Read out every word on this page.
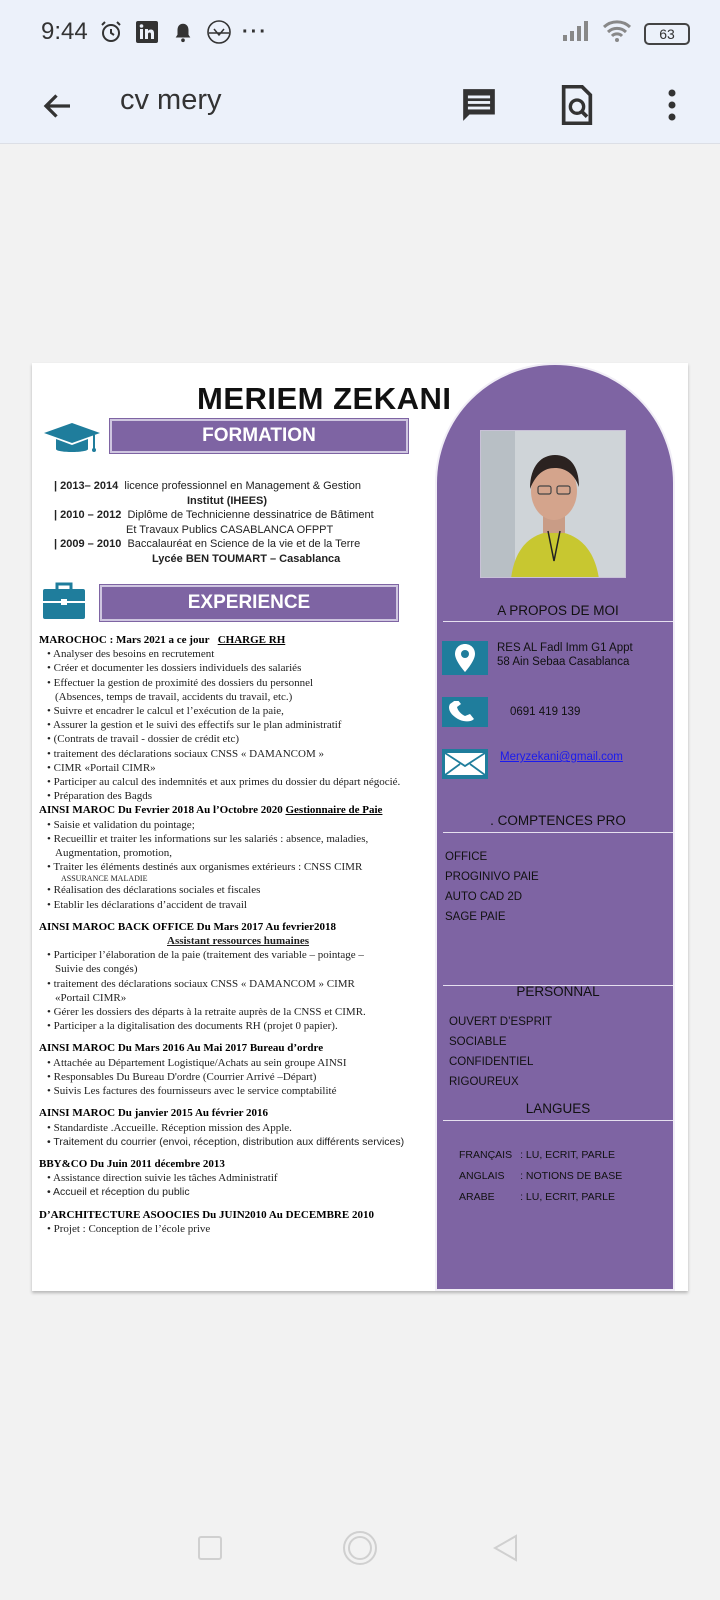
9:44	···	63
cv mery
MERIEM ZEKANI
FORMATION
| 2013– 2014 licence professionnel en Management & Gestion
Institut (IHEES)
| 2010 – 2012 Diplôme de Technicienne dessinatrice de Bâtiment
Et Travaux Publics CASABLANCA OFPPT
| 2009 – 2010 Baccalauréat en Science de la vie et de la Terre
Lycée BEN TOUMART – Casablanca
EXPERIENCE
MAROCHOC : Mars 2021 a ce jour CHARGE RH
• Analyser des besoins en recrutement
• Créer et documenter les dossiers individuels des salariés
• Effectuer la gestion de proximité des dossiers du personnel
(Absences, temps de travail, accidents du travail, etc.)
• Suivre et encadrer le calcul et l’exécution de la paie,
• Assurer la gestion et le suivi des effectifs sur le plan administratif
• (Contrats de travail - dossier de crédit etc)
• traitement des déclarations sociaux CNSS « DAMANCOM »
• CIMR «Portail CIMR»
• Participer au calcul des indemnités et aux primes du dossier du départ négocié.
• Préparation des Bagds
AINSI MAROC Du Fevrier 2018 Au l’Octobre 2020 Gestionnaire de Paie
• Saisie et validation du pointage;
• Recueillir et traiter les informations sur les salariés : absence, maladies,
Augmentation, promotion,
• Traiter les éléments destinés aux organismes extérieurs : CNSS CIMR
ASSURANCE MALADIE
• Réalisation des déclarations sociales et fiscales
• Etablir les déclarations d’accident de travail
AINSI MAROC BACK OFFICE Du Mars 2017 Au fevrier2018
Assistant ressources humaines
• Participer l’élaboration de la paie (traitement des variable – pointage –
Suivie des congés)
• traitement des déclarations sociaux CNSS « DAMANCOM » CIMR
«Portail CIMR»
• Gérer les dossiers des départs à la retraite auprès de la CNSS et CIMR.
• Participer a la digitalisation des documents RH (projet 0 papier).
AINSI MAROC Du Mars 2016 Au Mai 2017 Bureau d’ordre
• Attachée au Département Logistique/Achats au sein groupe AINSI
• Responsables Du Bureau D'ordre (Courrier Arrivé –Départ)
• Suivis Les factures des fournisseurs avec le service comptabilité
AINSI MAROC Du janvier 2015 Au février 2016
• Standardiste .Accueille. Réception mission des Apple.
• Traitement du courrier (envoi, réception, distribution aux différents services)
BBY&CO Du Juin 2011 décembre 2013
• Assistance direction suivie les tâches Administratif
• Accueil et réception du public
D’ARCHITECTURE ASOOCIES Du JUIN2010 Au DECEMBRE 2010
• Projet : Conception de l’école prive
A PROPOS DE MOI
RES AL Fadl Imm G1 Appt
58 Ain Sebaa Casablanca
0691 419 139
Meryzekani@gmail.com
. COMPTENCES PRO
OFFICE
PROGINIVO PAIE
AUTO CAD 2D
SAGE PAIE
PERSONNAL
OUVERT D’ESPRIT
SOCIABLE
CONFIDENTIEL
RIGOUREUX
LANGUES
FRANÇAIS	: LU, ECRIT, PARLE
ANGLAIS	: NOTIONS DE BASE
ARABE	: LU, ECRIT, PARLE
